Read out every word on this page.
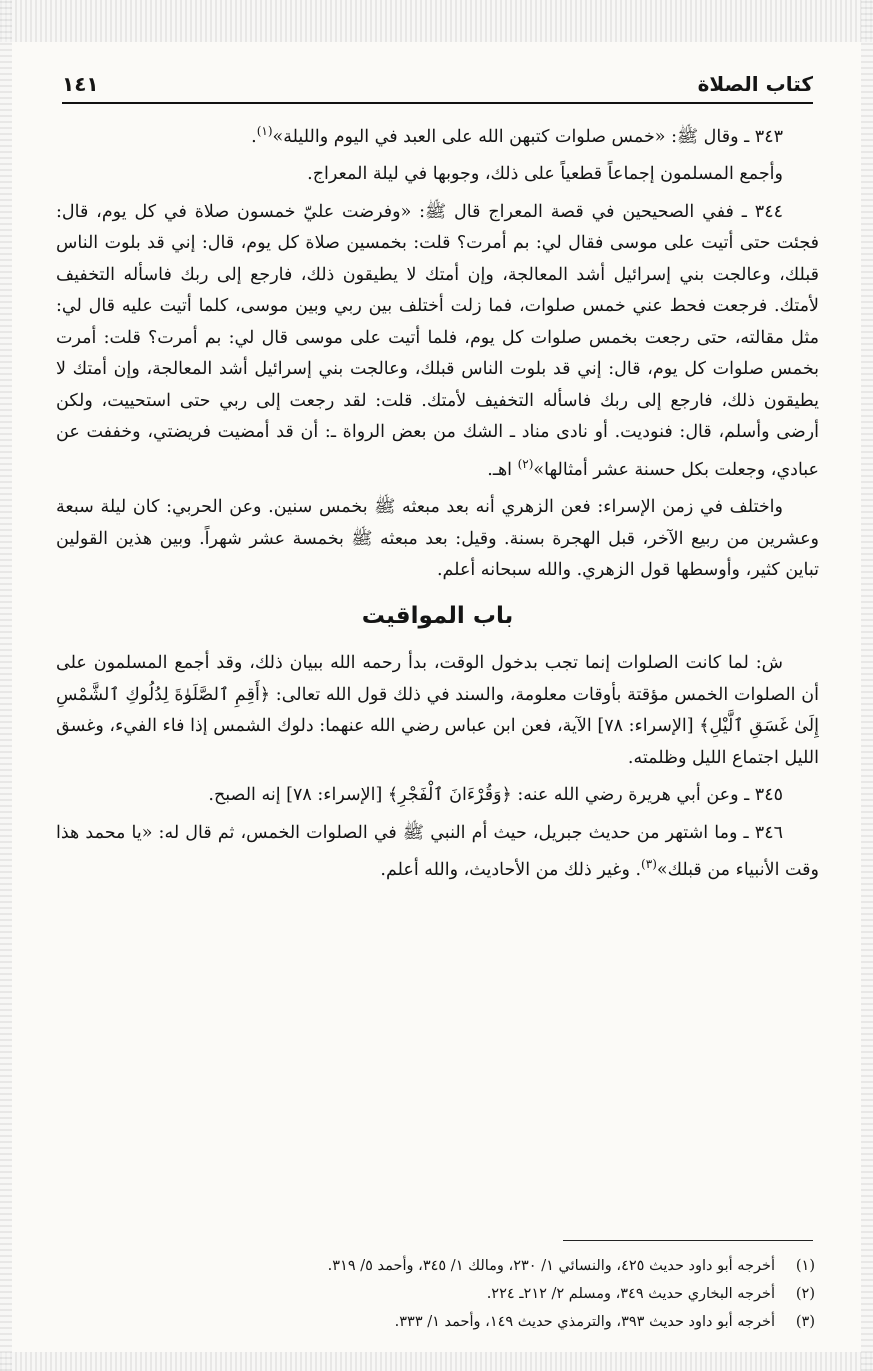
كتاب الصلاة
١٤١

٣٤٣ ـ وقال ﷺ: «خمس صلوات كتبهن الله على العبد في اليوم والليلة»$^{(١)}$.

وأجمع المسلمون إجماعاً قطعياً على ذلك، وجوبها في ليلة المعراج.

٣٤٤ ـ ففي الصحيحين في قصة المعراج قال ﷺ: «وفرضت عليّ خمسون صلاة في كل يوم، قال: فجئت حتى أتيت على موسى فقال لي: بم أمرت؟ قلت: بخمسين صلاة كل يوم، قال: إني قد بلوت الناس قبلك، وعالجت بني إسرائيل أشد المعالجة، وإن أمتك لا يطيقون ذلك، فارجع إلى ربك فاسأله التخفيف لأمتك. فرجعت فحط عني خمس صلوات، فما زلت أختلف بين ربي وبين موسى، كلما أتيت عليه قال لي: مثل مقالته، حتى رجعت بخمس صلوات كل يوم، فلما أتيت على موسى قال لي: بم أمرت؟ قلت: أمرت بخمس صلوات كل يوم، قال: إني قد بلوت الناس قبلك، وعالجت بني إسرائيل أشد المعالجة، وإن أمتك لا يطيقون ذلك، فارجع إلى ربك فاسأله التخفيف لأمتك. قلت: لقد رجعت إلى ربي حتى استحييت، ولكن أرضى وأسلم، قال: فنوديت. أو نادى مناد ـ الشك من بعض الرواة ـ: أن قد أمضيت فريضتي، وخففت عن عبادي، وجعلت بكل حسنة عشر أمثالها»$^{(٢)}$ اهـ.

واختلف في زمن الإسراء: فعن الزهري أنه بعد مبعثه ﷺ بخمس سنين. وعن الحربي: كان ليلة سبعة وعشرين من ربيع الآخر، قبل الهجرة بسنة. وقيل: بعد مبعثه ﷺ بخمسة عشر شهراً. وبين هذين القولين تباين كثير، وأوسطها قول الزهري. والله سبحانه أعلم.

باب المواقيت

ش: لما كانت الصلوات إنما تجب بدخول الوقت، بدأ رحمه الله ببيان ذلك، وقد أجمع المسلمون على أن الصلوات الخمس مؤقتة بأوقات معلومة، والسند في ذلك قول الله تعالى: ﴿أَقِمِ ٱلصَّلَوٰةَ لِدُلُوكِ ٱلشَّمْسِ إِلَىٰ غَسَقِ ٱلَّيْلِ﴾ [الإسراء: ٧٨] الآية، فعن ابن عباس رضي الله عنهما: دلوك الشمس إذا فاء الفيء، وغسق الليل اجتماع الليل وظلمته.

٣٤٥ ـ وعن أبي هريرة رضي الله عنه: ﴿وَقُرْءَانَ ٱلْفَجْرِ﴾ [الإسراء: ٧٨] إنه الصبح.

٣٤٦ ـ وما اشتهر من حديث جبريل، حيث أم النبي ﷺ في الصلوات الخمس، ثم قال له: «يا محمد هذا وقت الأنبياء من قبلك»$^{(٣)}$. وغير ذلك من الأحاديث، والله أعلم.

(١)
أخرجه أبو داود حديث ٤٢٥، والنسائي ١/ ٢٣٠، ومالك ١/ ٣٤٥، وأحمد ٥/ ٣١٩.
(٢)
أخرجه البخاري حديث ٣٤٩، ومسلم ٢/ ٢١٢ـ ٢٢٤.
(٣)
أخرجه أبو داود حديث ٣٩٣، والترمذي حديث ١٤٩، وأحمد ١/ ٣٣٣.
